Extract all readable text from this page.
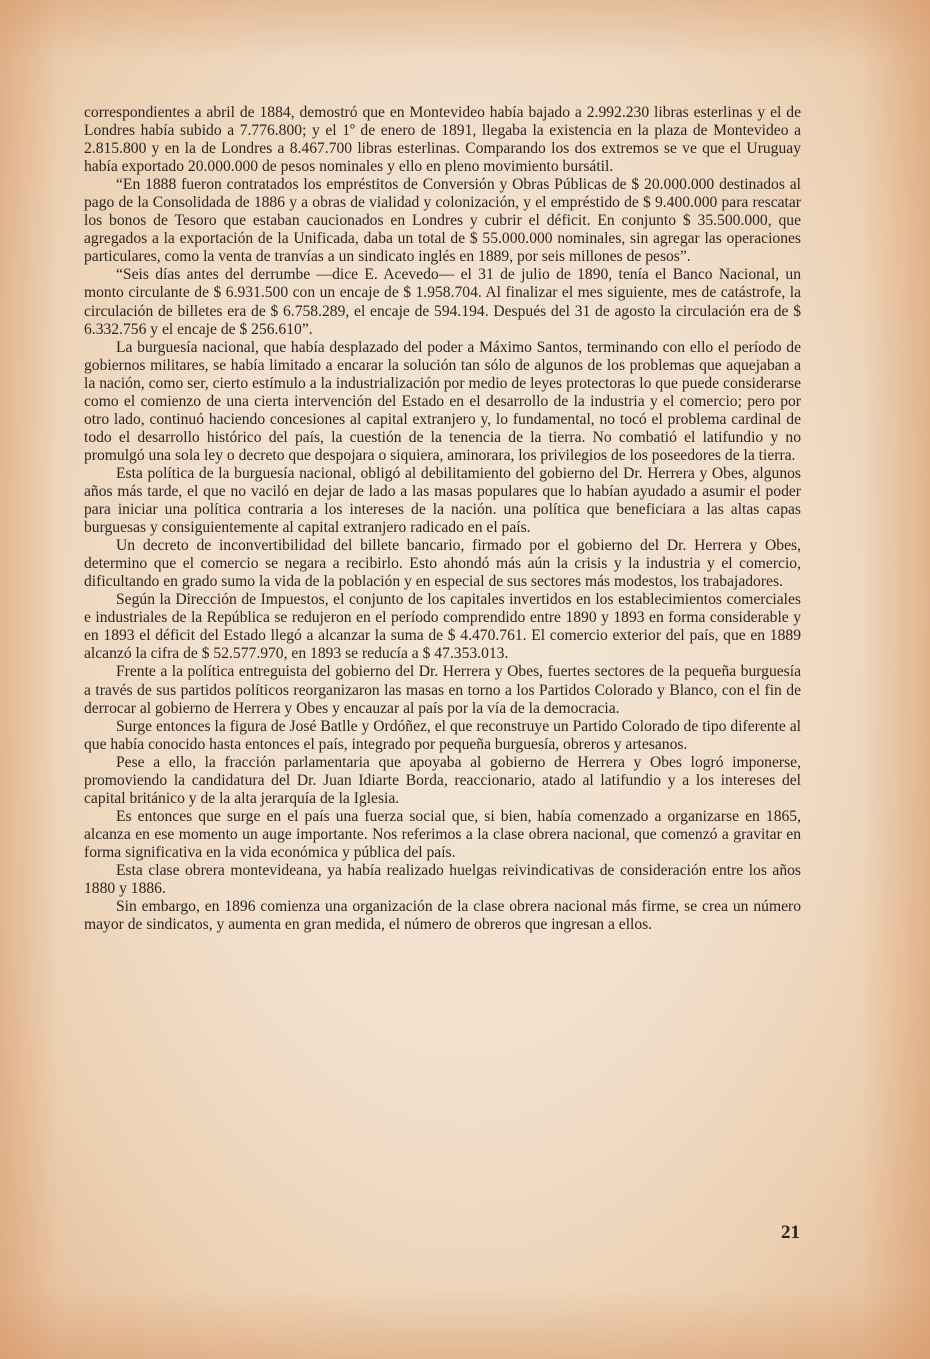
correspondientes a abril de 1884, demostró que en Montevideo había bajado a 2.992.230 libras esterlinas y el de Londres había subido a 7.776.800; y el 1º de enero de 1891, llegaba la existencia en la plaza de Montevideo a 2.815.800 y en la de Londres a 8.467.700 libras esterlinas. Comparando los dos extremos se ve que el Uruguay había exportado 20.000.000 de pesos nominales y ello en pleno movimiento bursátil.

“En 1888 fueron contratados los empréstitos de Conversión y Obras Públicas de $ 20.000.000 destinados al pago de la Consolidada de 1886 y a obras de vialidad y colonización, y el empréstido de $ 9.400.000 para rescatar los bonos de Tesoro que estaban caucionados en Londres y cubrir el déficit. En conjunto $ 35.500.000, que agregados a la exportación de la Unificada, daba un total de $ 55.000.000 nominales, sin agregar las operaciones particulares, como la venta de tranvías a un sindicato inglés en 1889, por seis millones de pesos”.

“Seis días antes del derrumbe —dice E. Acevedo— el 31 de julio de 1890, tenía el Banco Nacional, un monto circulante de $ 6.931.500 con un encaje de $ 1.958.704. Al finalizar el mes siguiente, mes de catástrofe, la circulación de billetes era de $ 6.758.289, el encaje de 594.194. Después del 31 de agosto la circulación era de $ 6.332.756 y el encaje de $ 256.610”.

La burguesía nacional, que había desplazado del poder a Máximo Santos, terminando con ello el período de gobiernos militares, se había limitado a encarar la solución tan sólo de algunos de los problemas que aquejaban a la nación, como ser, cierto estímulo a la industrialización por medio de leyes protectoras lo que puede considerarse como el comienzo de una cierta intervención del Estado en el desarrollo de la industria y el comercio; pero por otro lado, continuó haciendo concesiones al capital extranjero y, lo fundamental, no tocó el problema cardinal de todo el desarrollo histórico del país, la cuestión de la tenencia de la tierra. No combatió el latifundio y no promulgó una sola ley o decreto que despojara o siquiera, aminorara, los privilegios de los poseedores de la tierra.

Esta política de la burguesía nacional, obligó al debilitamiento del gobierno del Dr. Herrera y Obes, algunos años más tarde, el que no vaciló en dejar de lado a las masas populares que lo habían ayudado a asumir el poder para iniciar una política contraria a los intereses de la nación. una política que beneficiara a las altas capas burguesas y consiguientemente al capital extranjero radicado en el país.

Un decreto de inconvertibilidad del billete bancario, firmado por el gobierno del Dr. Herrera y Obes, determino que el comercio se negara a recibirlo. Esto ahondó más aún la crisis y la industria y el comercio, dificultando en grado sumo la vida de la población y en especial de sus sectores más modestos, los trabajadores.

Según la Dirección de Impuestos, el conjunto de los capitales invertidos en los establecimientos comerciales e industriales de la República se redujeron en el período comprendido entre 1890 y 1893 en forma considerable y en 1893 el déficit del Estado llegó a alcanzar la suma de $ 4.470.761. El comercio exterior del país, que en 1889 alcanzó la cifra de $ 52.577.970, en 1893 se reducía a $ 47.353.013.

Frente a la política entreguista del gobierno del Dr. Herrera y Obes, fuertes sectores de la pequeña burguesía a través de sus partidos políticos reorganizaron las masas en torno a los Partidos Colorado y Blanco, con el fin de derrocar al gobierno de Herrera y Obes y encauzar al país por la vía de la democracia.

Surge entonces la figura de José Batlle y Ordóñez, el que reconstruye un Partido Colorado de tipo diferente al que había conocido hasta entonces el país, integrado por pequeña burguesía, obreros y artesanos.

Pese a ello, la fracción parlamentaria que apoyaba al gobierno de Herrera y Obes logró imponerse, promoviendo la candidatura del Dr. Juan Idiarte Borda, reaccionario, atado al latifundio y a los intereses del capital británico y de la alta jerarquía de la Iglesia.

Es entonces que surge en el país una fuerza social que, si bien, había comenzado a organizarse en 1865, alcanza en ese momento un auge importante. Nos referimos a la clase obrera nacional, que comenzó a gravitar en forma significativa en la vida económica y pública del país.

Esta clase obrera montevideana, ya había realizado huelgas reivindicativas de consideración entre los años 1880 y 1886.

Sin embargo, en 1896 comienza una organización de la clase obrera nacional más firme, se crea un número mayor de sindicatos, y aumenta en gran medida, el número de obreros que ingresan a ellos.

21
